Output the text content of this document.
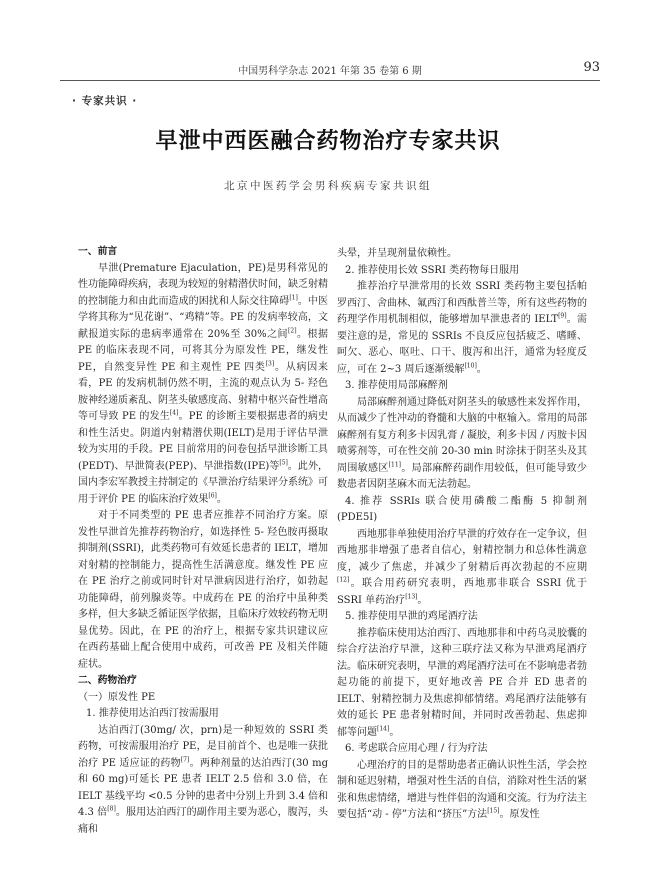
中国男科学杂志 2021 年第 35 卷第 6 期	93
· 专家共识 ·
早泄中西医融合药物治疗专家共识
北京中医药学会男科疾病专家共识组

一、前言

早泄(Premature Ejaculation，PE)是男科常见的性功能障碍疾病，表现为较短的射精潜伏时间，缺乏射精的控制能力和由此而造成的困扰和人际交往障碍[1]。中医学将其称为“见花谢”、“鸡精”等。PE 的发病率较高，文献报道实际的患病率通常在 20%至 30%之间[2]。根据 PE 的临床表现不同，可将其分为原发性 PE，继发性 PE，自然变异性 PE 和主观性 PE 四类[3]。从病因来看，PE 的发病机制仍然不明，主流的观点认为 5- 羟色胺神经递质紊乱、阴茎头敏感度高、射精中枢兴奋性增高等可导致 PE 的发生[4]。PE 的诊断主要根据患者的病史和性生活史。阴道内射精潜伏期(IELT)是用于评估早泄较为实用的手段。PE 目前常用的问卷包括早泄诊断工具(PEDT)、早泄简表(PEP)、早泄指数(IPE)等[5]。此外，国内李宏军教授主持制定的《早泄治疗结果评分系统》可用于评价 PE 的临床治疗效果[6]。

对于不同类型的 PE 患者应推荐不同治疗方案。原发性早泄首先推荐药物治疗，如选择性 5- 羟色胺再摄取抑制剂(SSRI)，此类药物可有效延长患者的 IELT，增加对射精的控制能力，提高性生活满意度。继发性 PE 应在 PE 治疗之前或同时针对早泄病因进行治疗，如勃起功能障碍，前列腺炎等。中成药在 PE 的治疗中虽种类多样，但大多缺乏循证医学依据，且临床疗效较药物无明显优势。因此，在 PE 的治疗上，根据专家共识建议应在西药基础上配合使用中成药，可改善 PE 及相关伴随症状。

二、药物治疗

（一）原发性 PE

1. 推荐使用达泊西汀按需服用

达泊西汀(30mg/ 次，prn)是一种短效的 SSRI 类药物，可按需服用治疗 PE，是目前首个、也是唯一获批治疗 PE 适应证的药物[7]。两种剂量的达泊西汀(30 mg 和 60 mg)可延长 PE 患者 IELT 2.5 倍和 3.0 倍，在 IELT 基线平均 <0.5 分钟的患者中分别上升到 3.4 倍和 4.3 倍[8]。服用达泊西汀的副作用主要为恶心，腹泻，头痛和

头晕，并呈现剂量依赖性。

2. 推荐使用长效 SSRI 类药物每日服用

推荐治疗早泄常用的长效 SSRI 类药物主要包括帕罗西汀、舍曲林、氟西汀和西酞普兰等，所有这些药物的药理学作用机制相似，能够增加早泄患者的 IELT[9]。需要注意的是，常见的 SSRIs 不良反应包括疲乏、嗜睡、呵欠、恶心、呕吐、口干、腹泻和出汗，通常为轻度反应，可在 2~3 周后逐渐缓解[10]。

3. 推荐使用局部麻醉剂

局部麻醉剂通过降低对阴茎头的敏感性来发挥作用，从而减少了性冲动的脊髓和大脑的中枢输入。常用的局部麻醉剂有复方利多卡因乳膏 / 凝胶，利多卡因 / 丙胺卡因喷雾剂等，可在性交前 20-30 min 时涂抹于阴茎头及其周围敏感区[11]。局部麻醉药副作用较低，但可能导致少数患者因阴茎麻木而无法勃起。

4. 推荐 SSRIs 联合使用磷酸二酯酶 5 抑制剂(PDE5I)

西地那非单独使用治疗早泄的疗效存在一定争议，但西地那非增强了患者自信心，射精控制力和总体性满意度，减少了焦虑，并减少了射精后再次勃起的不应期[12]。联合用药研究表明，西地那非联合 SSRI 优于 SSRI 单药治疗[13]。

5. 推荐使用早泄的鸡尾酒疗法

推荐临床使用达泊西汀、西地那非和中药乌灵胶囊的综合疗法治疗早泄，这种三联疗法又称为早泄鸡尾酒疗法。临床研究表明，早泄的鸡尾酒疗法可在不影响患者勃起功能的前提下，更好地改善 PE 合并 ED 患者的 IELT、射精控制力及焦虑抑郁情绪。鸡尾酒疗法能够有效的延长 PE 患者射精时间，并同时改善勃起、焦虑抑郁等问题[14]。

6. 考虑联合应用心理 / 行为疗法

心理治疗的目的是帮助患者正确认识性生活，学会控制和延迟射精，增强对性生活的自信，消除对性生活的紧张和焦虑情绪，增进与性伴侣的沟通和交流。行为疗法主要包括“动 - 停”方法和“挤压”方法[15]。原发性
